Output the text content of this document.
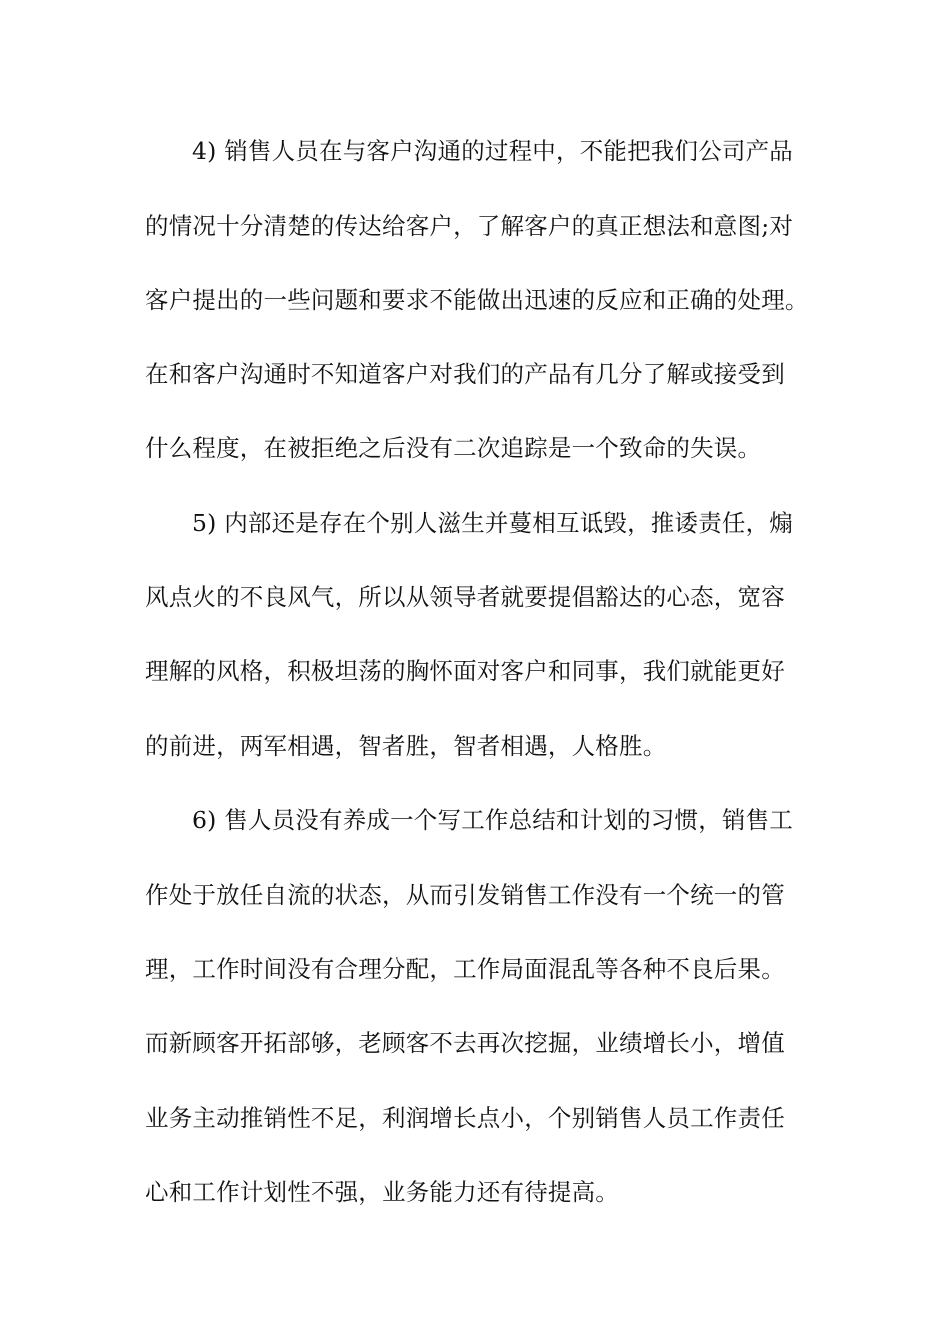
4) 销售人员在与客户沟通的过程中，不能把我们公司产品
的情况十分清楚的传达给客户，了解客户的真正想法和意图;对
客户提出的一些问题和要求不能做出迅速的反应和正确的处理。
在和客户沟通时不知道客户对我们的产品有几分了解或接受到
什么程度，在被拒绝之后没有二次追踪是一个致命的失误。
5) 内部还是存在个别人滋生并蔓相互诋毁，推诿责任，煽
风点火的不良风气，所以从领导者就要提倡豁达的心态，宽容
理解的风格，积极坦荡的胸怀面对客户和同事，我们就能更好
的前进，两军相遇，智者胜，智者相遇，人格胜。
6) 售人员没有养成一个写工作总结和计划的习惯，销售工
作处于放任自流的状态，从而引发销售工作没有一个统一的管
理，工作时间没有合理分配，工作局面混乱等各种不良后果。
而新顾客开拓部够，老顾客不去再次挖掘，业绩增长小，增值
业务主动推销性不足，利润增长点小，个别销售人员工作责任
心和工作计划性不强，业务能力还有待提高。
